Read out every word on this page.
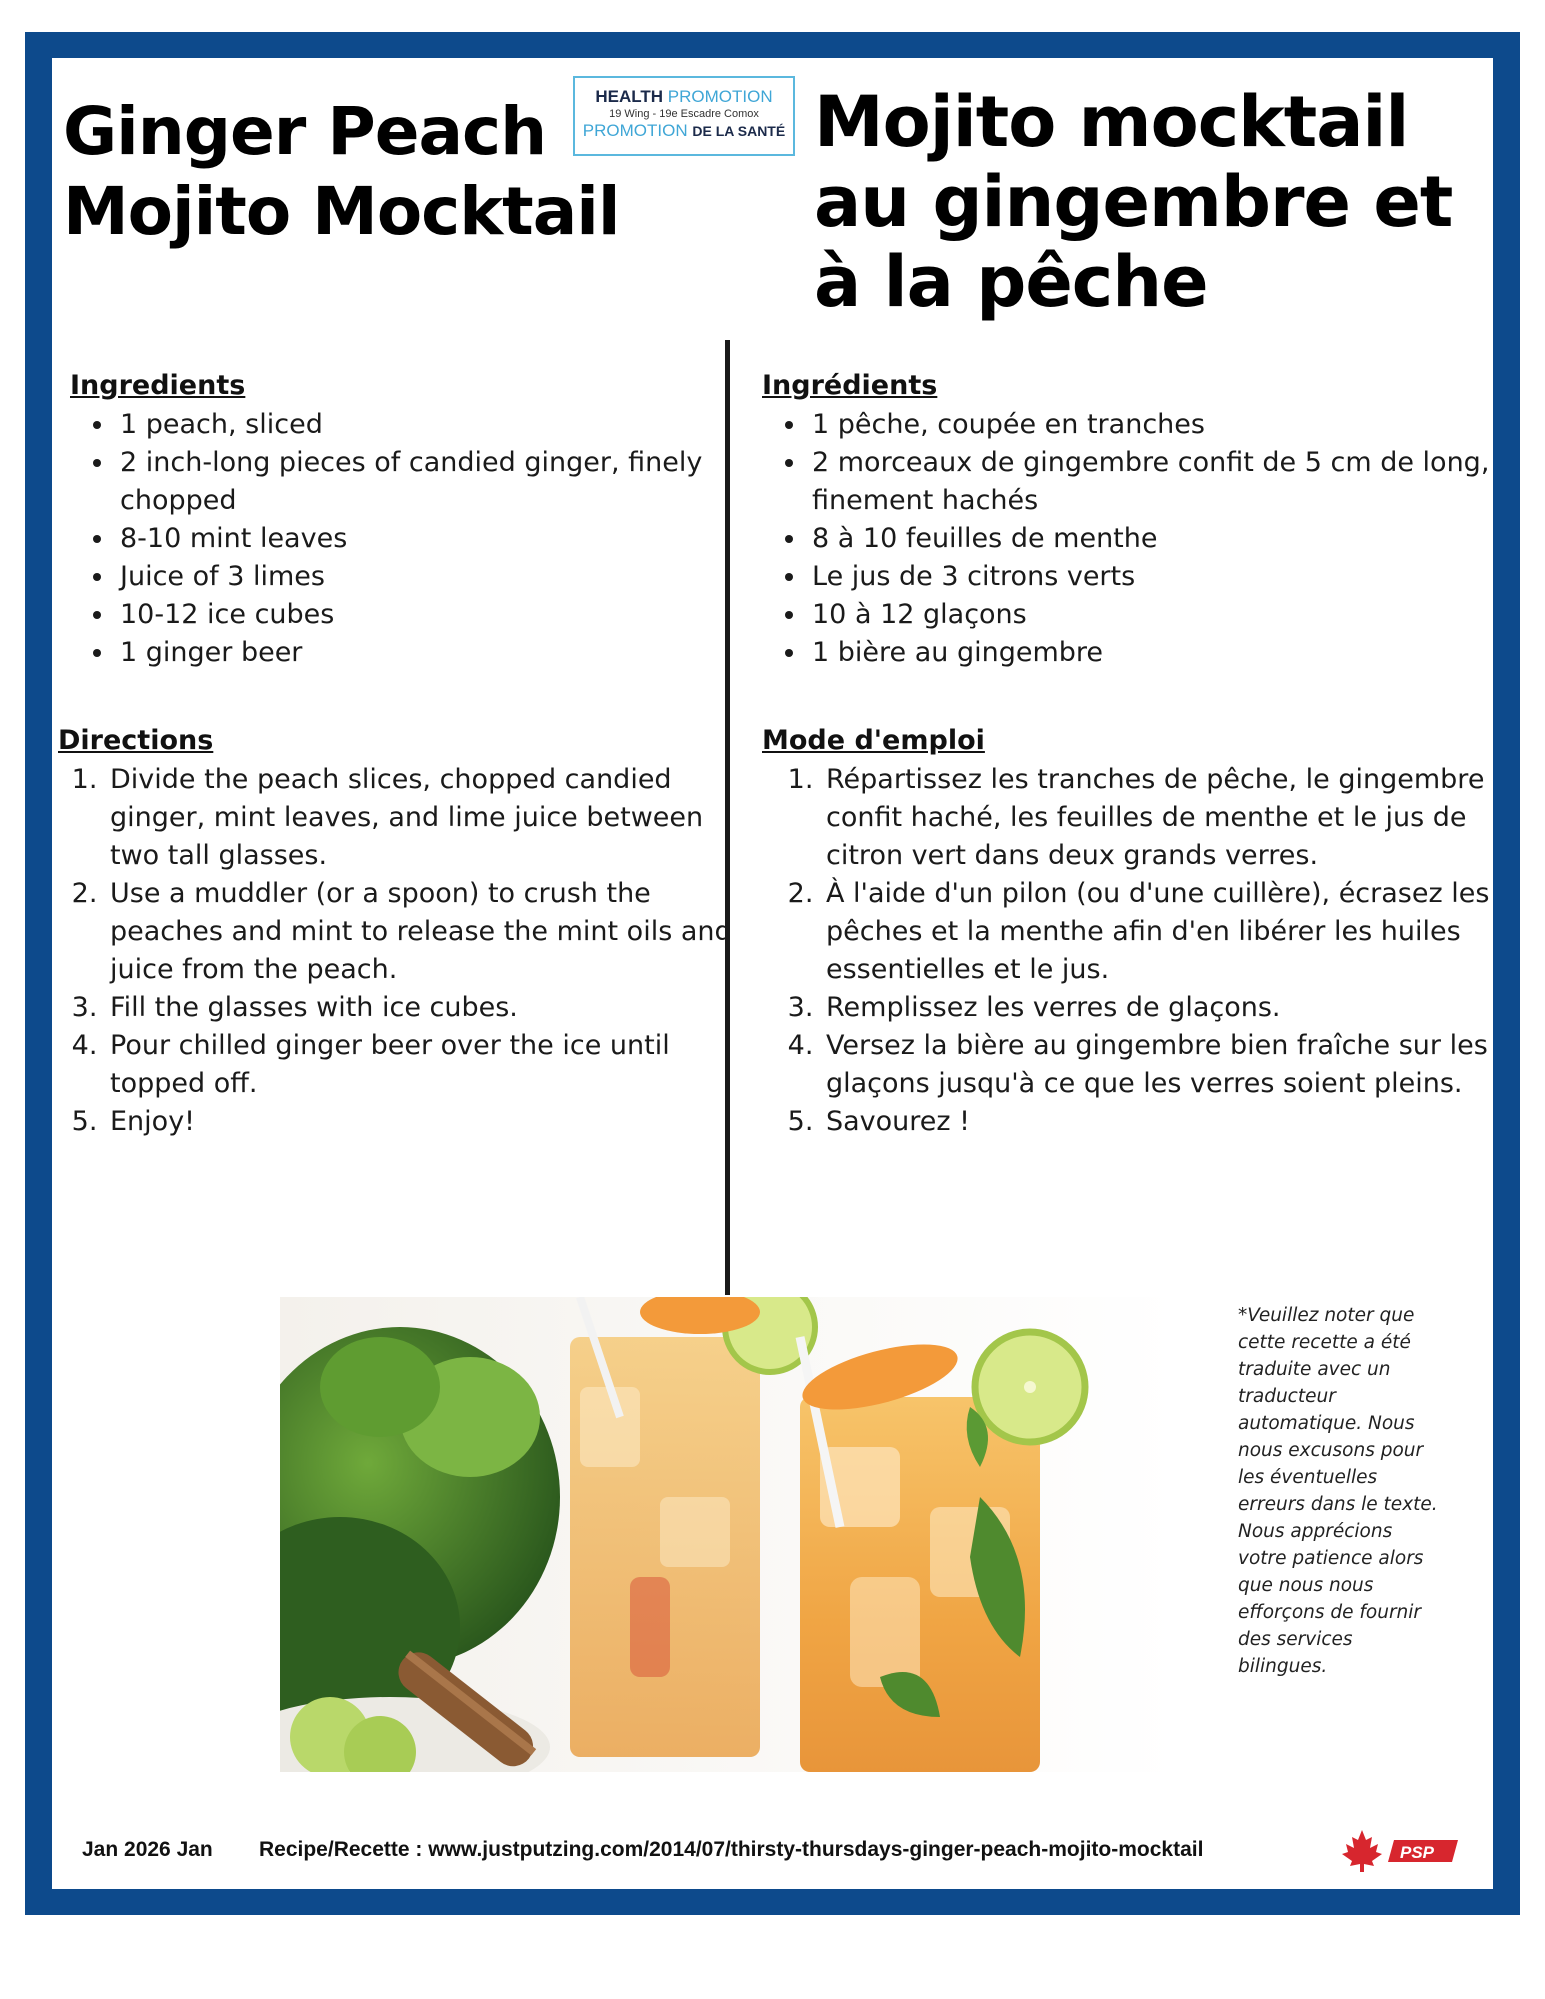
Ginger Peach Mojito Mocktail
HEALTH PROMOTION
19 Wing - 19e Escadre Comox
PROMOTION DE LA SANTÉ Mojito mocktail au gingembre et à la pêche
Ingredients
• 1 peach, sliced
• 2 inch-long pieces of candied ginger, finely chopped
• 8-10 mint leaves
• Juice of 3 limes
• 10-12 ice cubes
• 1 ginger beer
Directions
1. Divide the peach slices, chopped candied ginger, mint leaves, and lime juice between two tall glasses.
2. Use a muddler (or a spoon) to crush the peaches and mint to release the mint oils and juice from the peach.
3. Fill the glasses with ice cubes.
4. Pour chilled ginger beer over the ice until topped off.
5. Enjoy!
Ingrédients
• 1 pêche, coupée en tranches
• 2 morceaux de gingembre confit de 5 cm de long, finement hachés
• 8 à 10 feuilles de menthe
• Le jus de 3 citrons verts
• 10 à 12 glaçons
• 1 bière au gingembre
Mode d'emploi
1. Répartissez les tranches de pêche, le gingembre confit haché, les feuilles de menthe et le jus de citron vert dans deux grands verres.
2. À l'aide d'un pilon (ou d'une cuillère), écrasez les pêches et la menthe afin d'en libérer les huiles essentielles et le jus.
3. Remplissez les verres de glaçons.
4. Versez la bière au gingembre bien fraîche sur les glaçons jusqu'à ce que les verres soient pleins.
5. Savourez !
*Veuillez noter que cette recette a été traduite avec un traducteur automatique. Nous nous excusons pour les éventuelles erreurs dans le texte. Nous apprécions votre patience alors que nous nous efforçons de fournir des services bilingues.
Jan 2026 Jan Recipe/Recette : www.justputzing.com/2014/07/thirsty-thursdays-ginger-peach-mojito-mocktail	PSP
